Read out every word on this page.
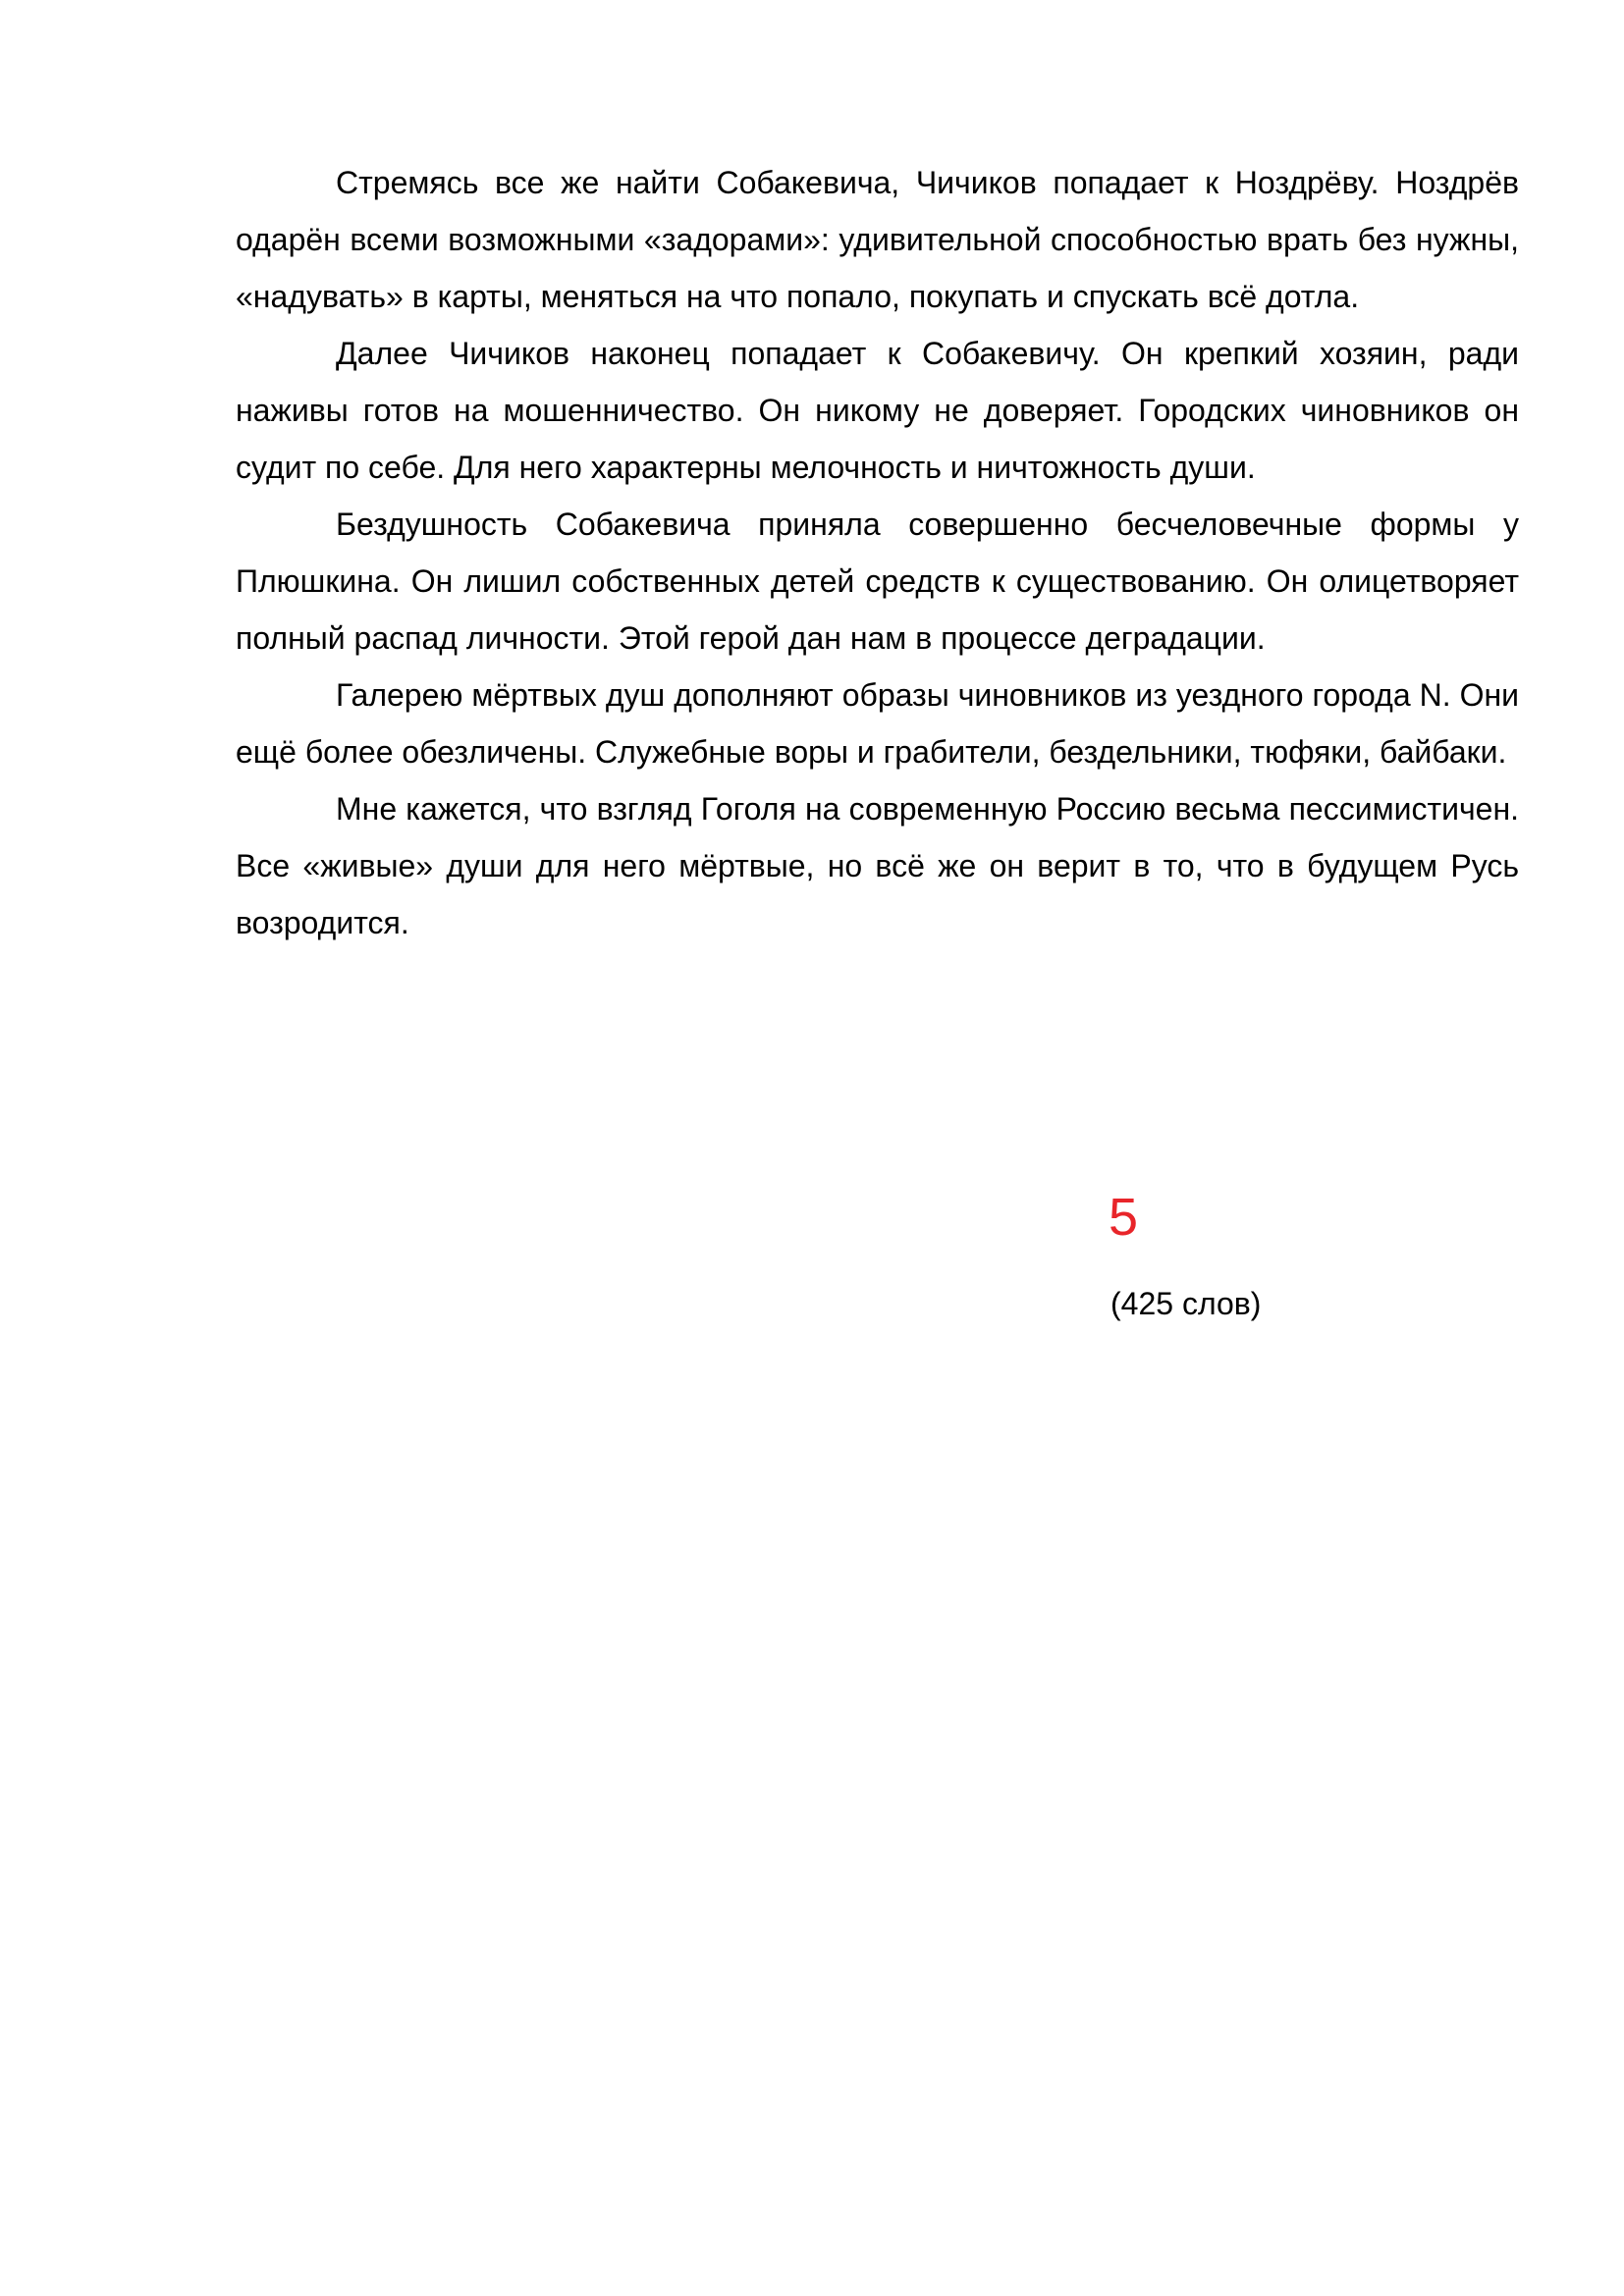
Стремясь все же найти Собакевича, Чичиков попадает к Ноздрёву. Ноздрёв одарён всеми возможными «задорами»: удивительной способностью врать без нужны, «надувать» в карты, меняться на что попало, покупать и спускать всё дотла.

Далее Чичиков наконец попадает к Собакевичу. Он крепкий хозяин, ради наживы готов на мошенничество. Он никому не доверяет. Городских чиновников он судит по себе. Для него характерны мелочность и ничтожность души.

Бездушность Собакевича приняла совершенно бесчеловечные формы у Плюшкина. Он лишил собственных детей средств к существованию. Он олицетворяет полный распад личности. Этой герой дан нам в процессе деградации.

Галерею мёртвых душ дополняют образы чиновников из уездного города N. Они ещё более обезличены. Служебные воры и грабители, бездельники, тюфяки, байбаки.

Мне кажется, что взгляд Гоголя на современную Россию весьма пессимистичен. Все «живые» души для него мёртвые, но всё же он верит в то, что в будущем Русь возродится.

5
(425 слов)
